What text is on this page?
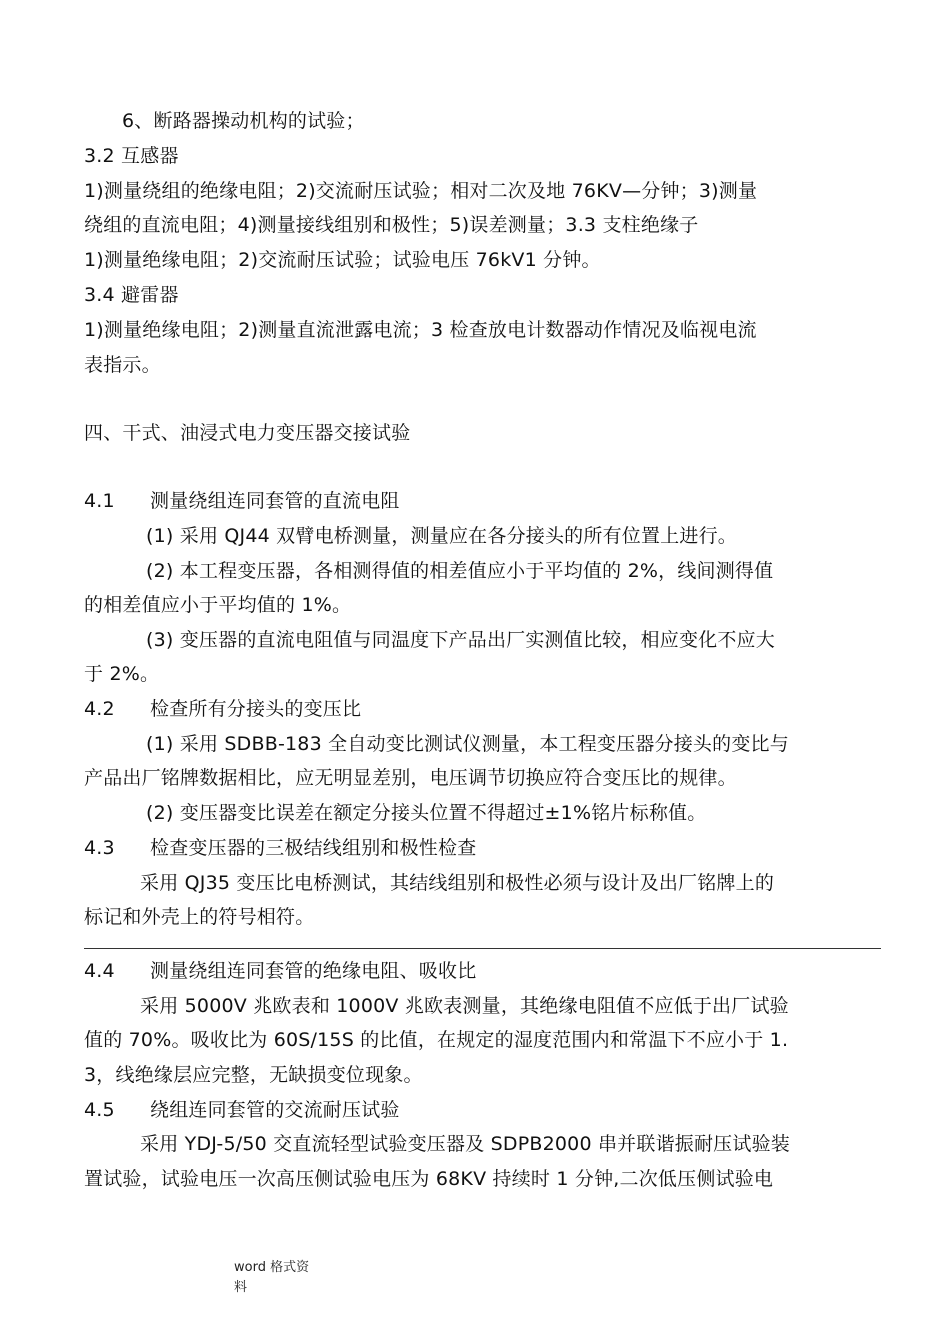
6、断路器操动机构的试验；
3.2 互感器
1)测量绕组的绝缘电阻；2)交流耐压试验；相对二次及地 76KV—分钟；3)测量
绕组的直流电阻；4)测量接线组别和极性；5)误差测量；3.3 支柱绝缘子
1)测量绝缘电阻；2)交流耐压试验；试验电压 76kV1 分钟。
3.4 避雷器
1)测量绝缘电阻；2)测量直流泄露电流；3 检查放电计数器动作情况及临视电流
表指示。
四、干式、油浸式电力变压器交接试验
4.1 测量绕组连同套管的直流电阻
(1) 采用 QJ44 双臂电桥测量，测量应在各分接头的所有位置上进行。
(2) 本工程变压器，各相测得值的相差值应小于平均值的 2%，线间测得值
的相差值应小于平均值的 1%。
(3) 变压器的直流电阻值与同温度下产品出厂实测值比较，相应变化不应大
于 2%。
4.2 检查所有分接头的变压比
(1) 采用 SDBB-183 全自动变比测试仪测量，本工程变压器分接头的变比与
产品出厂铭牌数据相比，应无明显差别，电压调节切换应符合变压比的规律。
(2) 变压器变比误差在额定分接头位置不得超过±1%铭片标称值。
4.3 检查变压器的三极结线组别和极性检查
采用 QJ35 变压比电桥测试，其结线组别和极性必须与设计及出厂铭牌上的
标记和外壳上的符号相符。
4.4 测量绕组连同套管的绝缘电阻、吸收比
采用 5000V 兆欧表和 1000V 兆欧表测量，其绝缘电阻值不应低于出厂试验
值的 70%。吸收比为 60S/15S 的比值，在规定的湿度范围内和常温下不应小于 1.
3，线绝缘层应完整，无缺损变位现象。
4.5 绕组连同套管的交流耐压试验
采用 YDJ-5/50 交直流轻型试验变压器及 SDPB2000 串并联谐振耐压试验装
置试验，试验电压一次高压侧试验电压为 68KV 持续时 1 分钟,二次低压侧试验电
word 格式资料
